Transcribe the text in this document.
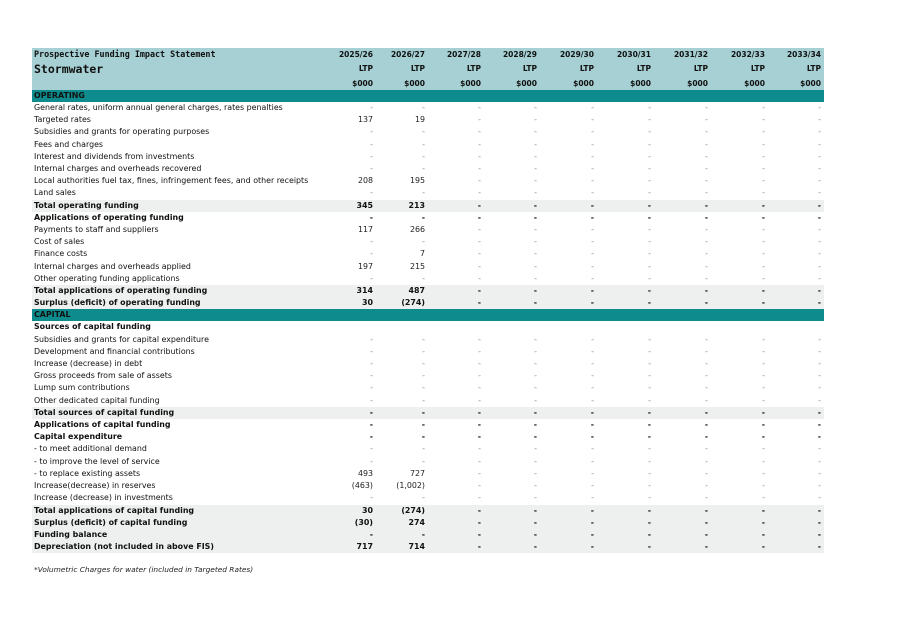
Prospective Funding Impact Statement	2025/26	2026/27	2027/28	2028/29	2029/30	2030/31	2031/32	2032/33	2033/34
Stormwater	LTP	LTP	LTP	LTP	LTP	LTP	LTP	LTP	LTP
	$000	$000	$000	$000	$000	$000	$000	$000	$000
OPERATING									
General rates, uniform annual general charges, rates penalties	-	-	-	-	-	-	-	-	-
Targeted rates	137	19	-	-	-	-	-	-	-
Subsidies and grants for operating purposes	-	-	-	-	-	-	-	-	-
Fees and charges	-	-	-	-	-	-	-	-	-
Interest and dividends from investments	-	-	-	-	-	-	-	-	-
Internal charges and overheads recovered	-	-	-	-	-	-	-	-	-
Local authorities fuel tax, fines, infringement fees, and other receipts	208	195	-	-	-	-	-	-	-
Land sales	-	-	-	-	-	-	-	-	-
Total operating funding	345	213	-	-	-	-	-	-	-
Applications of operating funding	-	-	-	-	-	-	-	-	-
Payments to staff and suppliers	117	266	-	-	-	-	-	-	-
Cost of sales	-	-	-	-	-	-	-	-	-
Finance costs	-	7	-	-	-	-	-	-	-
Internal charges and overheads applied	197	215	-	-	-	-	-	-	-
Other operating funding applications	-	-	-	-	-	-	-	-	-
Total applications of operating funding	314	487	-	-	-	-	-	-	-
Surplus (deficit) of operating funding	30	(274)	-	-	-	-	-	-	-
CAPITAL									
Sources of capital funding									
Subsidies and grants for capital expenditure	-	-	-	-	-	-	-	-	-
Development and financial contributions	-	-	-	-	-	-	-	-	-
Increase (decrease) in debt	-	-	-	-	-	-	-	-	-
Gross proceeds from sale of assets	-	-	-	-	-	-	-	-	-
Lump sum contributions	-	-	-	-	-	-	-	-	-
Other dedicated capital funding	-	-	-	-	-	-	-	-	-
Total sources of capital funding	-	-	-	-	-	-	-	-	-
Applications of capital funding	-	-	-	-	-	-	-	-	-
Capital expenditure	-	-	-	-	-	-	-	-	-
- to meet additional demand	-	-	-	-	-	-	-	-	-
- to improve the level of service	-	-	-	-	-	-	-	-	-
- to replace existing assets	493	727	-	-	-	-	-	-	-
Increase(decrease) in reserves	(463)	(1,002)	-	-	-	-	-	-	-
Increase (decrease) in investments	-	-	-	-	-	-	-	-	-
Total applications of capital funding	30	(274)	-	-	-	-	-	-	-
Surplus (deficit) of capital funding	(30)	274	-	-	-	-	-	-	-
Funding balance	-	-	-	-	-	-	-	-	-
Depreciation (not included in above FIS)	717	714	-	-	-	-	-	-	-
*Volumetric Charges for water (included in Targeted Rates)
